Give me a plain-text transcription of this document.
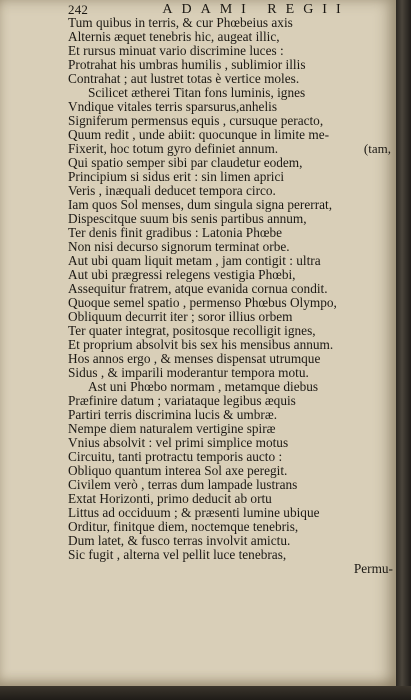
242	ADAMI REGII
Tum quibus in terris, & cur Phœbeius axis
Alternis æquet tenebris hic, augeat illic,
Et rursus minuat vario discrimine luces :
Protrahat his umbras humilis , sublimior illis
Contrahat ; aut lustret totas è vertice moles.
Scilicet ætherei Titan fons luminis, ignes
Vndique vitales terris sparsurus,anhelis
Signiferum permensus equis , cursuque peracto,
Quum redit , unde abiit: quocunque in limite me-
Fixerit, hoc totum gyro definiet annum.	(tam,
Qui spatio semper sibi par claudetur eodem,
Principium si sidus erit : sin limen aprici
Veris , inæquali deducet tempora circo.
Iam quos Sol menses, dum singula signa pererrat,
Dispescitque suum bis senis partibus annum,
Ter denis finit gradibus : Latonia Phœbe
Non nisi decurso signorum terminat orbe.
Aut ubi quam liquit metam , jam contigit : ultra
Aut ubi prægressi relegens vestigia Phœbi,
Assequitur fratrem, atque evanida cornua condit.
Quoque semel spatio , permenso Phœbus Olympo,
Obliquum decurrit iter ; soror illius orbem
Ter quater integrat, positosque recolligit ignes,
Et proprium absolvit bis sex his mensibus annum.
Hos annos ergo , & menses dispensat utrumque
Sidus , & imparili moderantur tempora motu.
Ast uni Phœbo normam , metamque diebus
Præfinire datum ; variataque legibus æquis
Partiri terris discrimina lucis & umbræ.
Nempe diem naturalem vertigine spiræ
Vnius absolvit : vel primi simplice motus
Circuitu, tanti protractu temporis aucto :
Obliquo quantum interea Sol axe peregit.
Civilem verò , terras dum lampade lustrans
Extat Horizonti, primo deducit ab ortu
Littus ad occiduum ; & præsenti lumine ubique
Orditur, finitque diem, noctemque tenebris,
Dum latet, & fusco terras involvit amictu.
Sic fugit , alterna vel pellit luce tenebras,
Permu-
